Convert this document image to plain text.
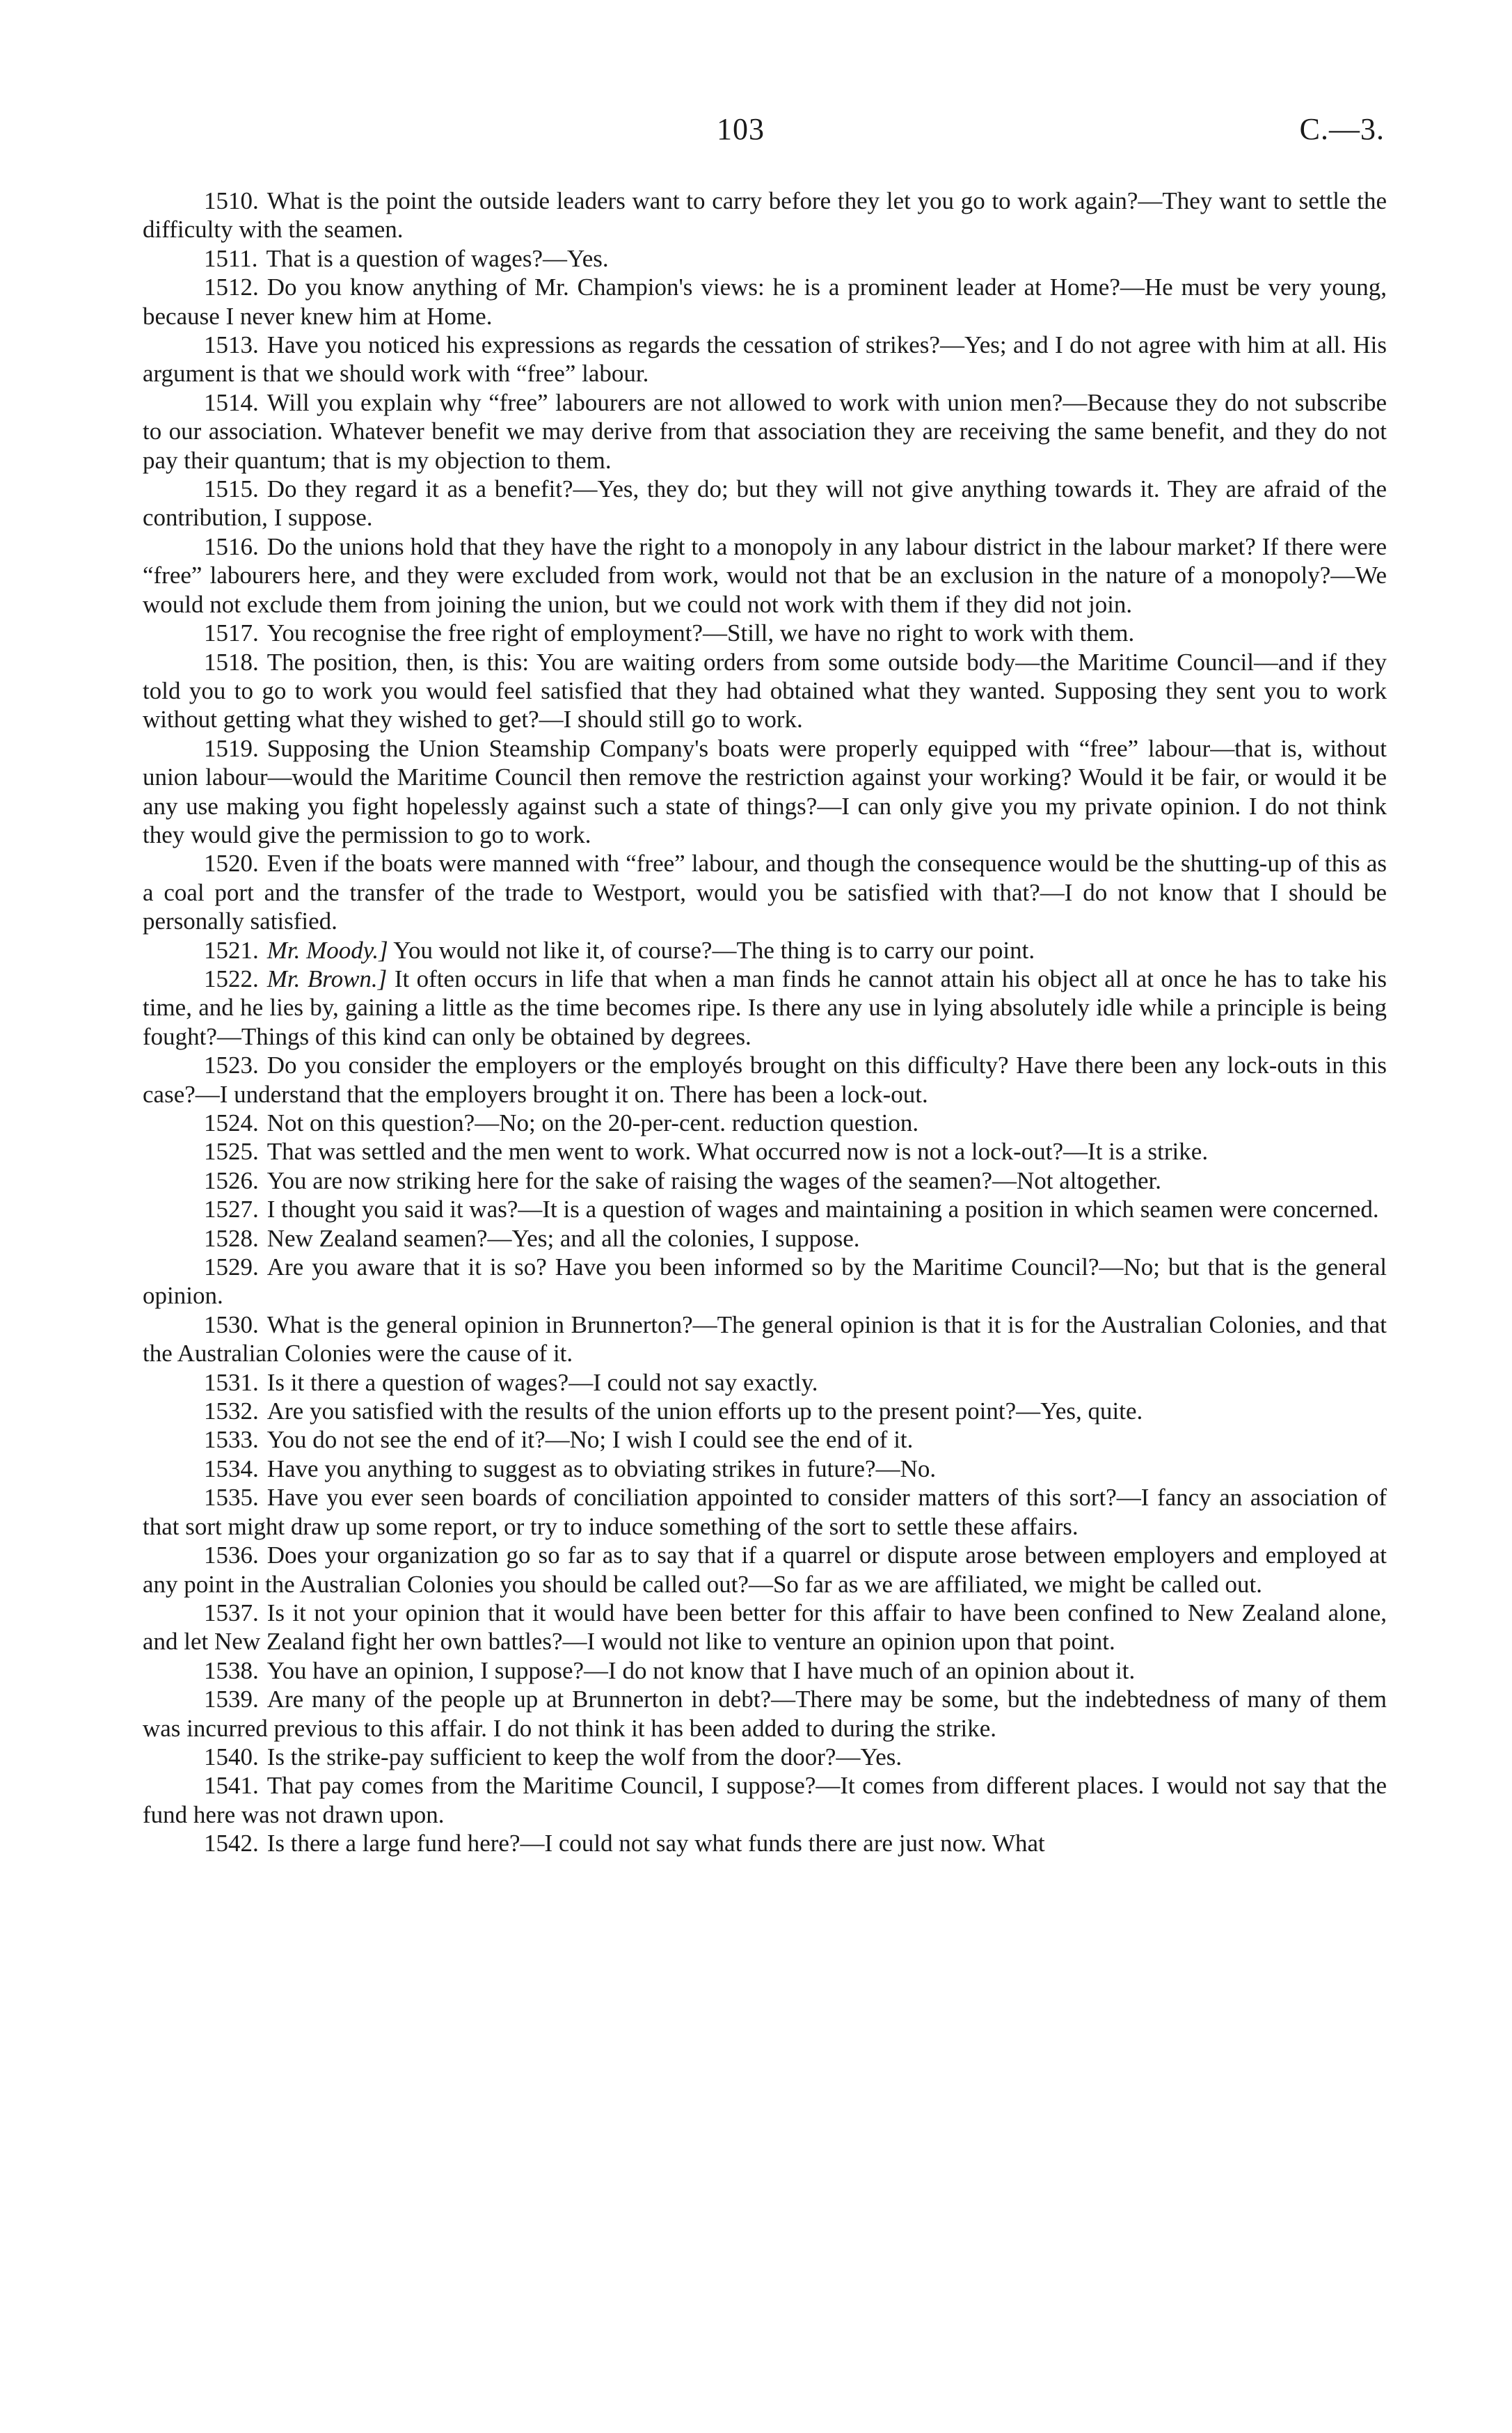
103	C.—3.

1510. What is the point the outside leaders want to carry before they let you go to work again?—They want to settle the difficulty with the seamen.

1511. That is a question of wages?—Yes.

1512. Do you know anything of Mr. Champion's views: he is a prominent leader at Home?—He must be very young, because I never knew him at Home.

1513. Have you noticed his expressions as regards the cessation of strikes?—Yes; and I do not agree with him at all. His argument is that we should work with “free” labour.

1514. Will you explain why “free” labourers are not allowed to work with union men?—Because they do not subscribe to our association. Whatever benefit we may derive from that association they are receiving the same benefit, and they do not pay their quantum; that is my objection to them.

1515. Do they regard it as a benefit?—Yes, they do; but they will not give anything towards it. They are afraid of the contribution, I suppose.

1516. Do the unions hold that they have the right to a monopoly in any labour district in the labour market? If there were “free” labourers here, and they were excluded from work, would not that be an exclusion in the nature of a monopoly?—We would not exclude them from joining the union, but we could not work with them if they did not join.

1517. You recognise the free right of employment?—Still, we have no right to work with them.

1518. The position, then, is this: You are waiting orders from some outside body—the Maritime Council—and if they told you to go to work you would feel satisfied that they had obtained what they wanted. Supposing they sent you to work without getting what they wished to get?—I should still go to work.

1519. Supposing the Union Steamship Company's boats were properly equipped with “free” labour—that is, without union labour—would the Maritime Council then remove the restriction against your working? Would it be fair, or would it be any use making you fight hopelessly against such a state of things?—I can only give you my private opinion. I do not think they would give the permission to go to work.

1520. Even if the boats were manned with “free” labour, and though the consequence would be the shutting-up of this as a coal port and the transfer of the trade to Westport, would you be satisfied with that?—I do not know that I should be personally satisfied.

1521. Mr. Moody.] You would not like it, of course?—The thing is to carry our point.

1522. Mr. Brown.] It often occurs in life that when a man finds he cannot attain his object all at once he has to take his time, and he lies by, gaining a little as the time becomes ripe. Is there any use in lying absolutely idle while a principle is being fought?—Things of this kind can only be obtained by degrees.

1523. Do you consider the employers or the employés brought on this difficulty? Have there been any lock-outs in this case?—I understand that the employers brought it on. There has been a lock-out.

1524. Not on this question?—No; on the 20-per-cent. reduction question.

1525. That was settled and the men went to work. What occurred now is not a lock-out?—It is a strike.

1526. You are now striking here for the sake of raising the wages of the seamen?—Not altogether.

1527. I thought you said it was?—It is a question of wages and maintaining a position in which seamen were concerned.

1528. New Zealand seamen?—Yes; and all the colonies, I suppose.

1529. Are you aware that it is so? Have you been informed so by the Maritime Council?—No; but that is the general opinion.

1530. What is the general opinion in Brunnerton?—The general opinion is that it is for the Australian Colonies, and that the Australian Colonies were the cause of it.

1531. Is it there a question of wages?—I could not say exactly.

1532. Are you satisfied with the results of the union efforts up to the present point?—Yes, quite.

1533. You do not see the end of it?—No; I wish I could see the end of it.

1534. Have you anything to suggest as to obviating strikes in future?—No.

1535. Have you ever seen boards of conciliation appointed to consider matters of this sort?—I fancy an association of that sort might draw up some report, or try to induce something of the sort to settle these affairs.

1536. Does your organization go so far as to say that if a quarrel or dispute arose between employers and employed at any point in the Australian Colonies you should be called out?—So far as we are affiliated, we might be called out.

1537. Is it not your opinion that it would have been better for this affair to have been confined to New Zealand alone, and let New Zealand fight her own battles?—I would not like to venture an opinion upon that point.

1538. You have an opinion, I suppose?—I do not know that I have much of an opinion about it.

1539. Are many of the people up at Brunnerton in debt?—There may be some, but the indebtedness of many of them was incurred previous to this affair. I do not think it has been added to during the strike.

1540. Is the strike-pay sufficient to keep the wolf from the door?—Yes.

1541. That pay comes from the Maritime Council, I suppose?—It comes from different places. I would not say that the fund here was not drawn upon.

1542. Is there a large fund here?—I could not say what funds there are just now. What
